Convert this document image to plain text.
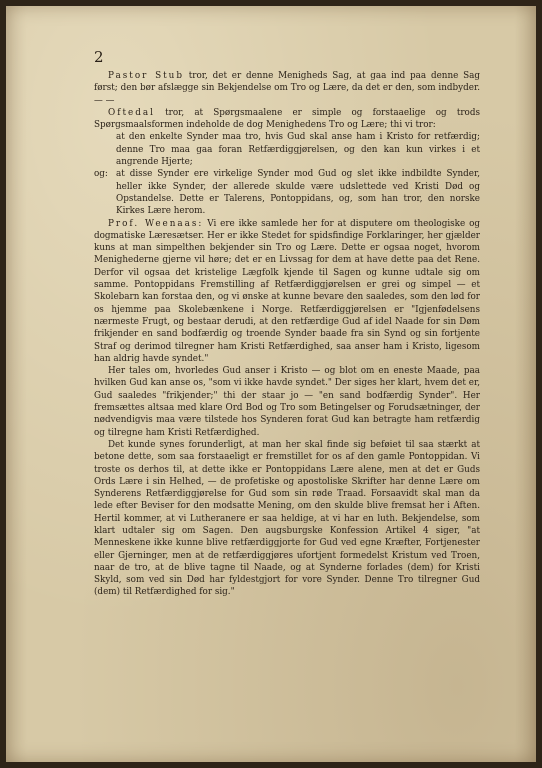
2

Pastor Stub tror, det er denne Menigheds Sag, at gaa ind paa denne Sag først; den bør afslægge sin Bekjendelse om Tro og Lære, da det er den, som indbyder. — —

Oftedal tror, at Spørgsmaalene er simple og forstaaelige og trods Spørgsmaalsformen indeholde de dog Menighedens Tro og Lære; thi vi tror:

at den enkelte Synder maa tro, hvis Gud skal anse ham i Kristo for retfærdig; denne Tro maa gaa foran Retfærdiggjørelsen, og den kan kun virkes i et angrende Hjerte;
og: at disse Synder ere virkelige Synder mod Gud og slet ikke indbildte Synder, heller ikke Synder, der allerede skulde være udslettede ved Kristi Død og Opstandelse. Dette er Talerens, Pontoppidans, og, som han tror, den norske Kirkes Lære herom.

Prof. Weenaas: Vi ere ikke samlede her for at disputere om theologiske og dogmatiske Læresætser. Her er ikke Stedet for spidsfindige Forklaringer, her gjælder kuns at man simpelthen bekjender sin Tro og Lære. Dette er ogsaa noget, hvorom Menighederne gjerne vil høre; det er en Livssag for dem at have dette paa det Rene. Derfor vil ogsaa det kristelige Lægfolk kjende til Sagen og kunne udtale sig om samme. Pontoppidans Fremstilling af Retfærdiggjørelsen er grei og simpel — et Skolebarn kan forstaa den, og vi ønske at kunne bevare den saaledes, som den lød for os hjemme paa Skolebænkene i Norge. Retfærdiggjørelsen er "Igjenfødelsens nærmeste Frugt, og bestaar derudi, at den retfærdige Gud af idel Naade for sin Døm frikjender en sand bodfærdig og troende Synder baade fra sin Synd og sin fortjente Straf og derimod tilregner ham Kristi Retfærdighed, saa anser ham i Kristo, ligesom han aldrig havde syndet."

Her tales om, hvorledes Gud anser i Kristo — og blot om en eneste Maade, paa hvilken Gud kan anse os, "som vi ikke havde syndet." Der siges her klart, hvem det er, Gud saaledes "frikjender;" thi der staar jo — "en sand bodfærdig Synder". Her fremsættes altsaa med klare Ord Bod og Tro som Betingelser og Forudsætninger, der nødvendigvis maa være tilstede hos Synderen forat Gud kan betragte ham retfærdig og tilregne ham Kristi Retfærdighed.

Det kunde synes forunderligt, at man her skal finde sig beføiet til saa stærkt at betone dette, som saa forstaaeligt er fremstillet for os af den gamle Pontoppidan. Vi troste os derhos til, at dette ikke er Pontoppidans Lære alene, men at det er Guds Ords Lære i sin Helhed, — de profetiske og apostoliske Skrifter har denne Lære om Synderens Retfærdiggjørelse for Gud som sin røde Traad. Forsaavidt skal man da lede efter Beviser for den modsatte Mening, om den skulde blive fremsat her i Aften. Hertil kommer, at vi Lutheranere er saa heldige, at vi har en luth. Bekjendelse, som klart udtaler sig om Sagen. Den augsburgske Konfession Artikel 4 siger, "at Menneskene ikke kunne blive retfærdiggjorte for Gud ved egne Kræfter, Fortjenester eller Gjerninger, men at de retfærdiggjøres ufortjent formedelst Kristum ved Troen, naar de tro, at de blive tagne til Naade, og at Synderne forlades (dem) for Kristi Skyld, som ved sin Død har fyldestgjort for vore Synder. Denne Tro tilregner Gud (dem) til Retfærdighed for sig."
